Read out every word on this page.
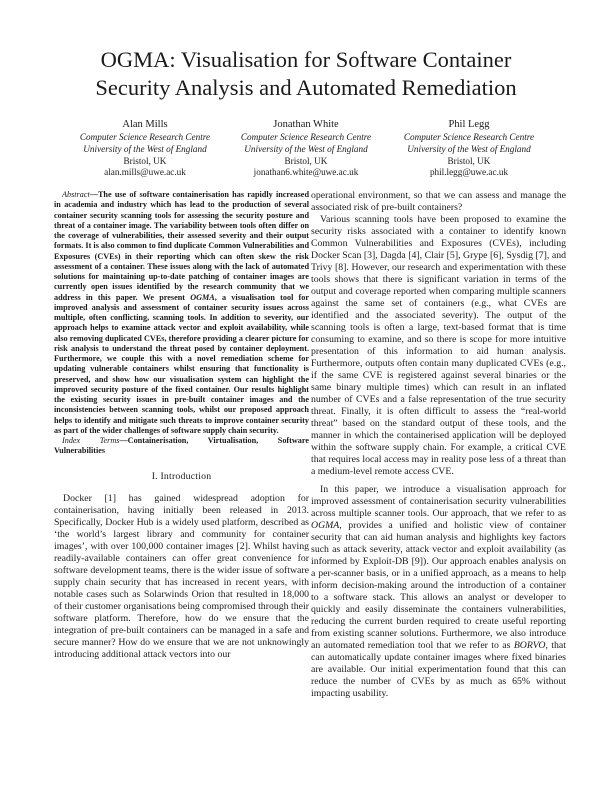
OGMA: Visualisation for Software Container
Security Analysis and Automated Remediation
Alan Mills
Computer Science Research Centre
University of the West of England
Bristol, UK
alan.mills@uwe.ac.uk
Jonathan White
Computer Science Research Centre
University of the West of England
Bristol, UK
jonathan6.white@uwe.ac.uk
Phil Legg
Computer Science Research Centre
University of the West of England
Bristol, UK
phil.legg@uwe.ac.uk

Abstract—The use of software containerisation has rapidly increased in academia and industry which has lead to the production of several container security scanning tools for assessing the security posture and threat of a container image. The variability between tools often differ on the coverage of vulnerabilities, their assessed severity and their output formats. It is also common to find duplicate Common Vulnerabilities and Exposures (CVEs) in their reporting which can often skew the risk assessment of a container. These issues along with the lack of automated solutions for maintaining up-to-date patching of container images are currently open issues identified by the research community that we address in this paper. We present OGMA, a visualisation tool for improved analysis and assessment of container security issues across multiple, often conflicting, scanning tools. In addition to severity, our approach helps to examine attack vector and exploit availability, while also removing duplicated CVEs, therefore providing a clearer picture for risk analysis to understand the threat posed by container deployment. Furthermore, we couple this with a novel remediation scheme for updating vulnerable containers whilst ensuring that functionality is preserved, and show how our visualisation system can highlight the improved security posture of the fixed container. Our results highlight the existing security issues in pre-built container images and the inconsistencies between scanning tools, whilst our proposed approach helps to identify and mitigate such threats to improve container security as part of the wider challenges of software supply chain security.

Index Terms—Containerisation, Virtualisation, Software Vulnerabilities

I. Introduction

Docker [1] has gained widespread adoption for containerisation, having initially been released in 2013. Specifically, Docker Hub is a widely used platform, described as ‘the world’s largest library and community for container images’, with over 100,000 container images [2]. Whilst having readily-available containers can offer great convenience for software development teams, there is the wider issue of software supply chain security that has increased in recent years, with notable cases such as Solarwinds Orion that resulted in 18,000 of their customer organisations being compromised through their software platform. Therefore, how do we ensure that the integration of pre-built containers can be managed in a safe and secure manner? How do we ensure that we are not unknowingly introducing additional attack vectors into our

operational environment, so that we can assess and manage the associated risk of pre-built containers?

Various scanning tools have been proposed to examine the security risks associated with a container to identify known Common Vulnerabilities and Exposures (CVEs), including Docker Scan [3], Dagda [4], Clair [5], Grype [6], Sysdig [7], and Trivy [8]. However, our research and experimentation with these tools shows that there is significant variation in terms of the output and coverage reported when comparing multiple scanners against the same set of containers (e.g., what CVEs are identified and the associated severity). The output of the scanning tools is often a large, text-based format that is time consuming to examine, and so there is scope for more intuitive presentation of this information to aid human analysis. Furthermore, outputs often contain many duplicated CVEs (e.g., if the same CVE is registered against several binaries or the same binary multiple times) which can result in an inflated number of CVEs and a false representation of the true security threat. Finally, it is often difficult to assess the “real-world threat” based on the standard output of these tools, and the manner in which the containerised application will be deployed within the software supply chain. For example, a critical CVE that requires local access may in reality pose less of a threat than a medium-level remote access CVE.

In this paper, we introduce a visualisation approach for improved assessment of containerisation security vulnerabilities across multiple scanner tools. Our approach, that we refer to as OGMA, provides a unified and holistic view of container security that can aid human analysis and highlights key factors such as attack severity, attack vector and exploit availability (as informed by Exploit-DB [9]). Our approach enables analysis on a per-scanner basis, or in a unified approach, as a means to help inform decision-making around the introduction of a container to a software stack. This allows an analyst or developer to quickly and easily disseminate the containers vulnerabilities, reducing the current burden required to create useful reporting from existing scanner solutions. Furthermore, we also introduce an automated remediation tool that we refer to as BORVO, that can automatically update container images where fixed binaries are available. Our initial experimentation found that this can reduce the number of CVEs by as much as 65% without impacting usability.
